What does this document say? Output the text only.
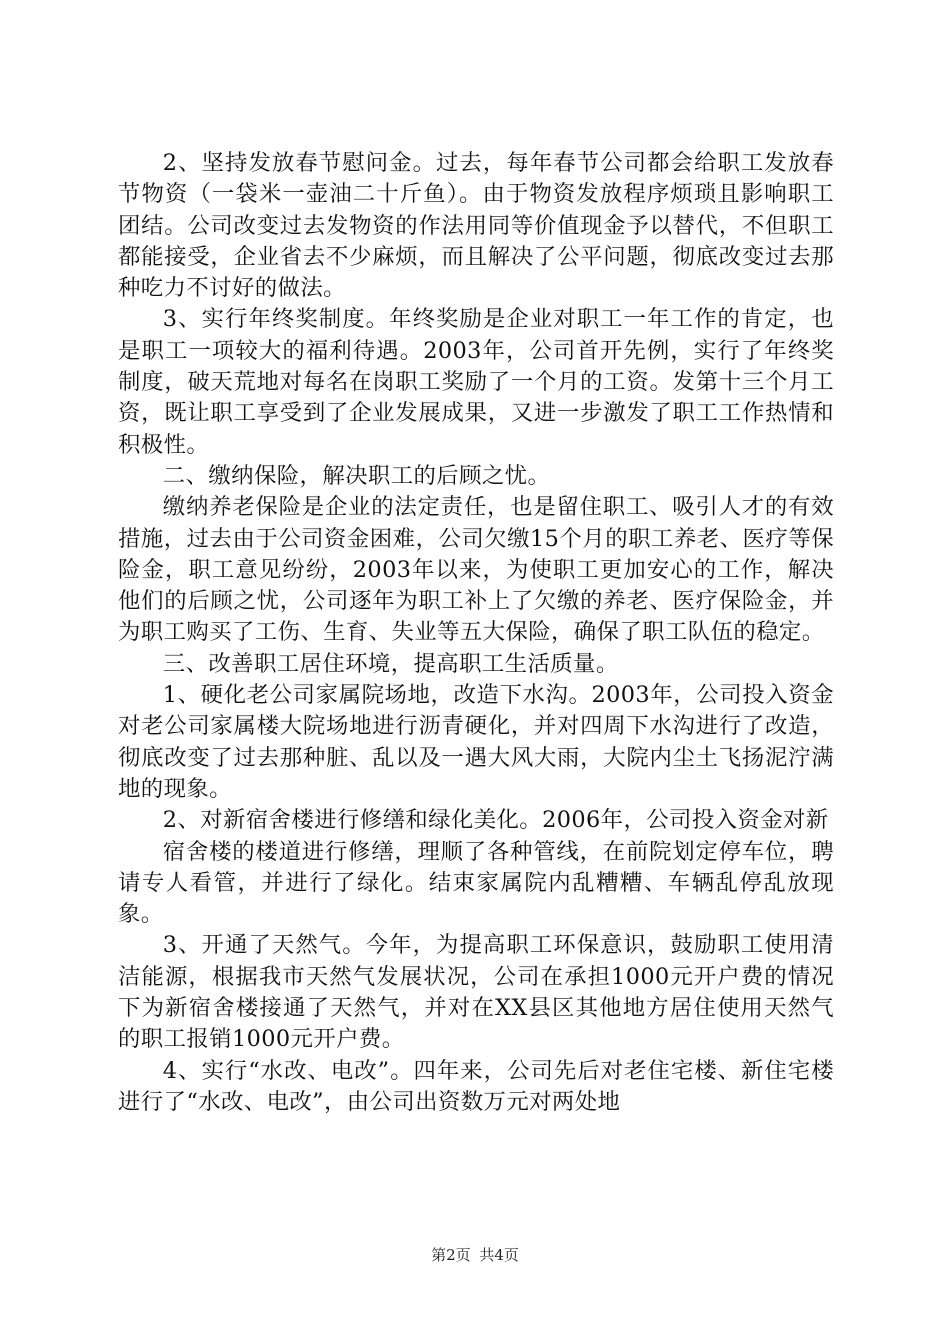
2、坚持发放春节慰问金。过去，每年春节公司都会给职工发放春节物资（一袋米一壶油二十斤鱼）。由于物资发放程序烦琐且影响职工团结。公司改变过去发物资的作法用同等价值现金予以替代，不但职工都能接受，企业省去不少麻烦，而且解决了公平问题，彻底改变过去那种吃力不讨好的做法。

3、实行年终奖制度。年终奖励是企业对职工一年工作的肯定，也是职工一项较大的福利待遇。2003年，公司首开先例，实行了年终奖制度，破天荒地对每名在岗职工奖励了一个月的工资。发第十三个月工资，既让职工享受到了企业发展成果，又进一步激发了职工工作热情和积极性。

二、缴纳保险，解决职工的后顾之忧。

缴纳养老保险是企业的法定责任，也是留住职工、吸引人才的有效措施，过去由于公司资金困难，公司欠缴15个月的职工养老、医疗等保险金，职工意见纷纷，2003年以来，为使职工更加安心的工作，解决他们的后顾之忧，公司逐年为职工补上了欠缴的养老、医疗保险金，并为职工购买了工伤、生育、失业等五大保险，确保了职工队伍的稳定。

三、改善职工居住环境，提高职工生活质量。

1、硬化老公司家属院场地，改造下水沟。2003年，公司投入资金对老公司家属楼大院场地进行沥青硬化，并对四周下水沟进行了改造，彻底改变了过去那种脏、乱以及一遇大风大雨，大院内尘土飞扬泥泞满地的现象。

2、对新宿舍楼进行修缮和绿化美化。2006年，公司投入资金对新

宿舍楼的楼道进行修缮，理顺了各种管线，在前院划定停车位，聘请专人看管，并进行了绿化。结束家属院内乱糟糟、车辆乱停乱放现象。

3、开通了天然气。今年，为提高职工环保意识，鼓励职工使用清洁能源，根据我市天然气发展状况，公司在承担1000元开户费的情况下为新宿舍楼接通了天然气，并对在XX县区其他地方居住使用天然气的职工报销1000元开户费。

4、实行“水改、电改”。四年来，公司先后对老住宅楼、新住宅楼进行了“水改、电改”，由公司出资数万元对两处地

第2页 共4页
